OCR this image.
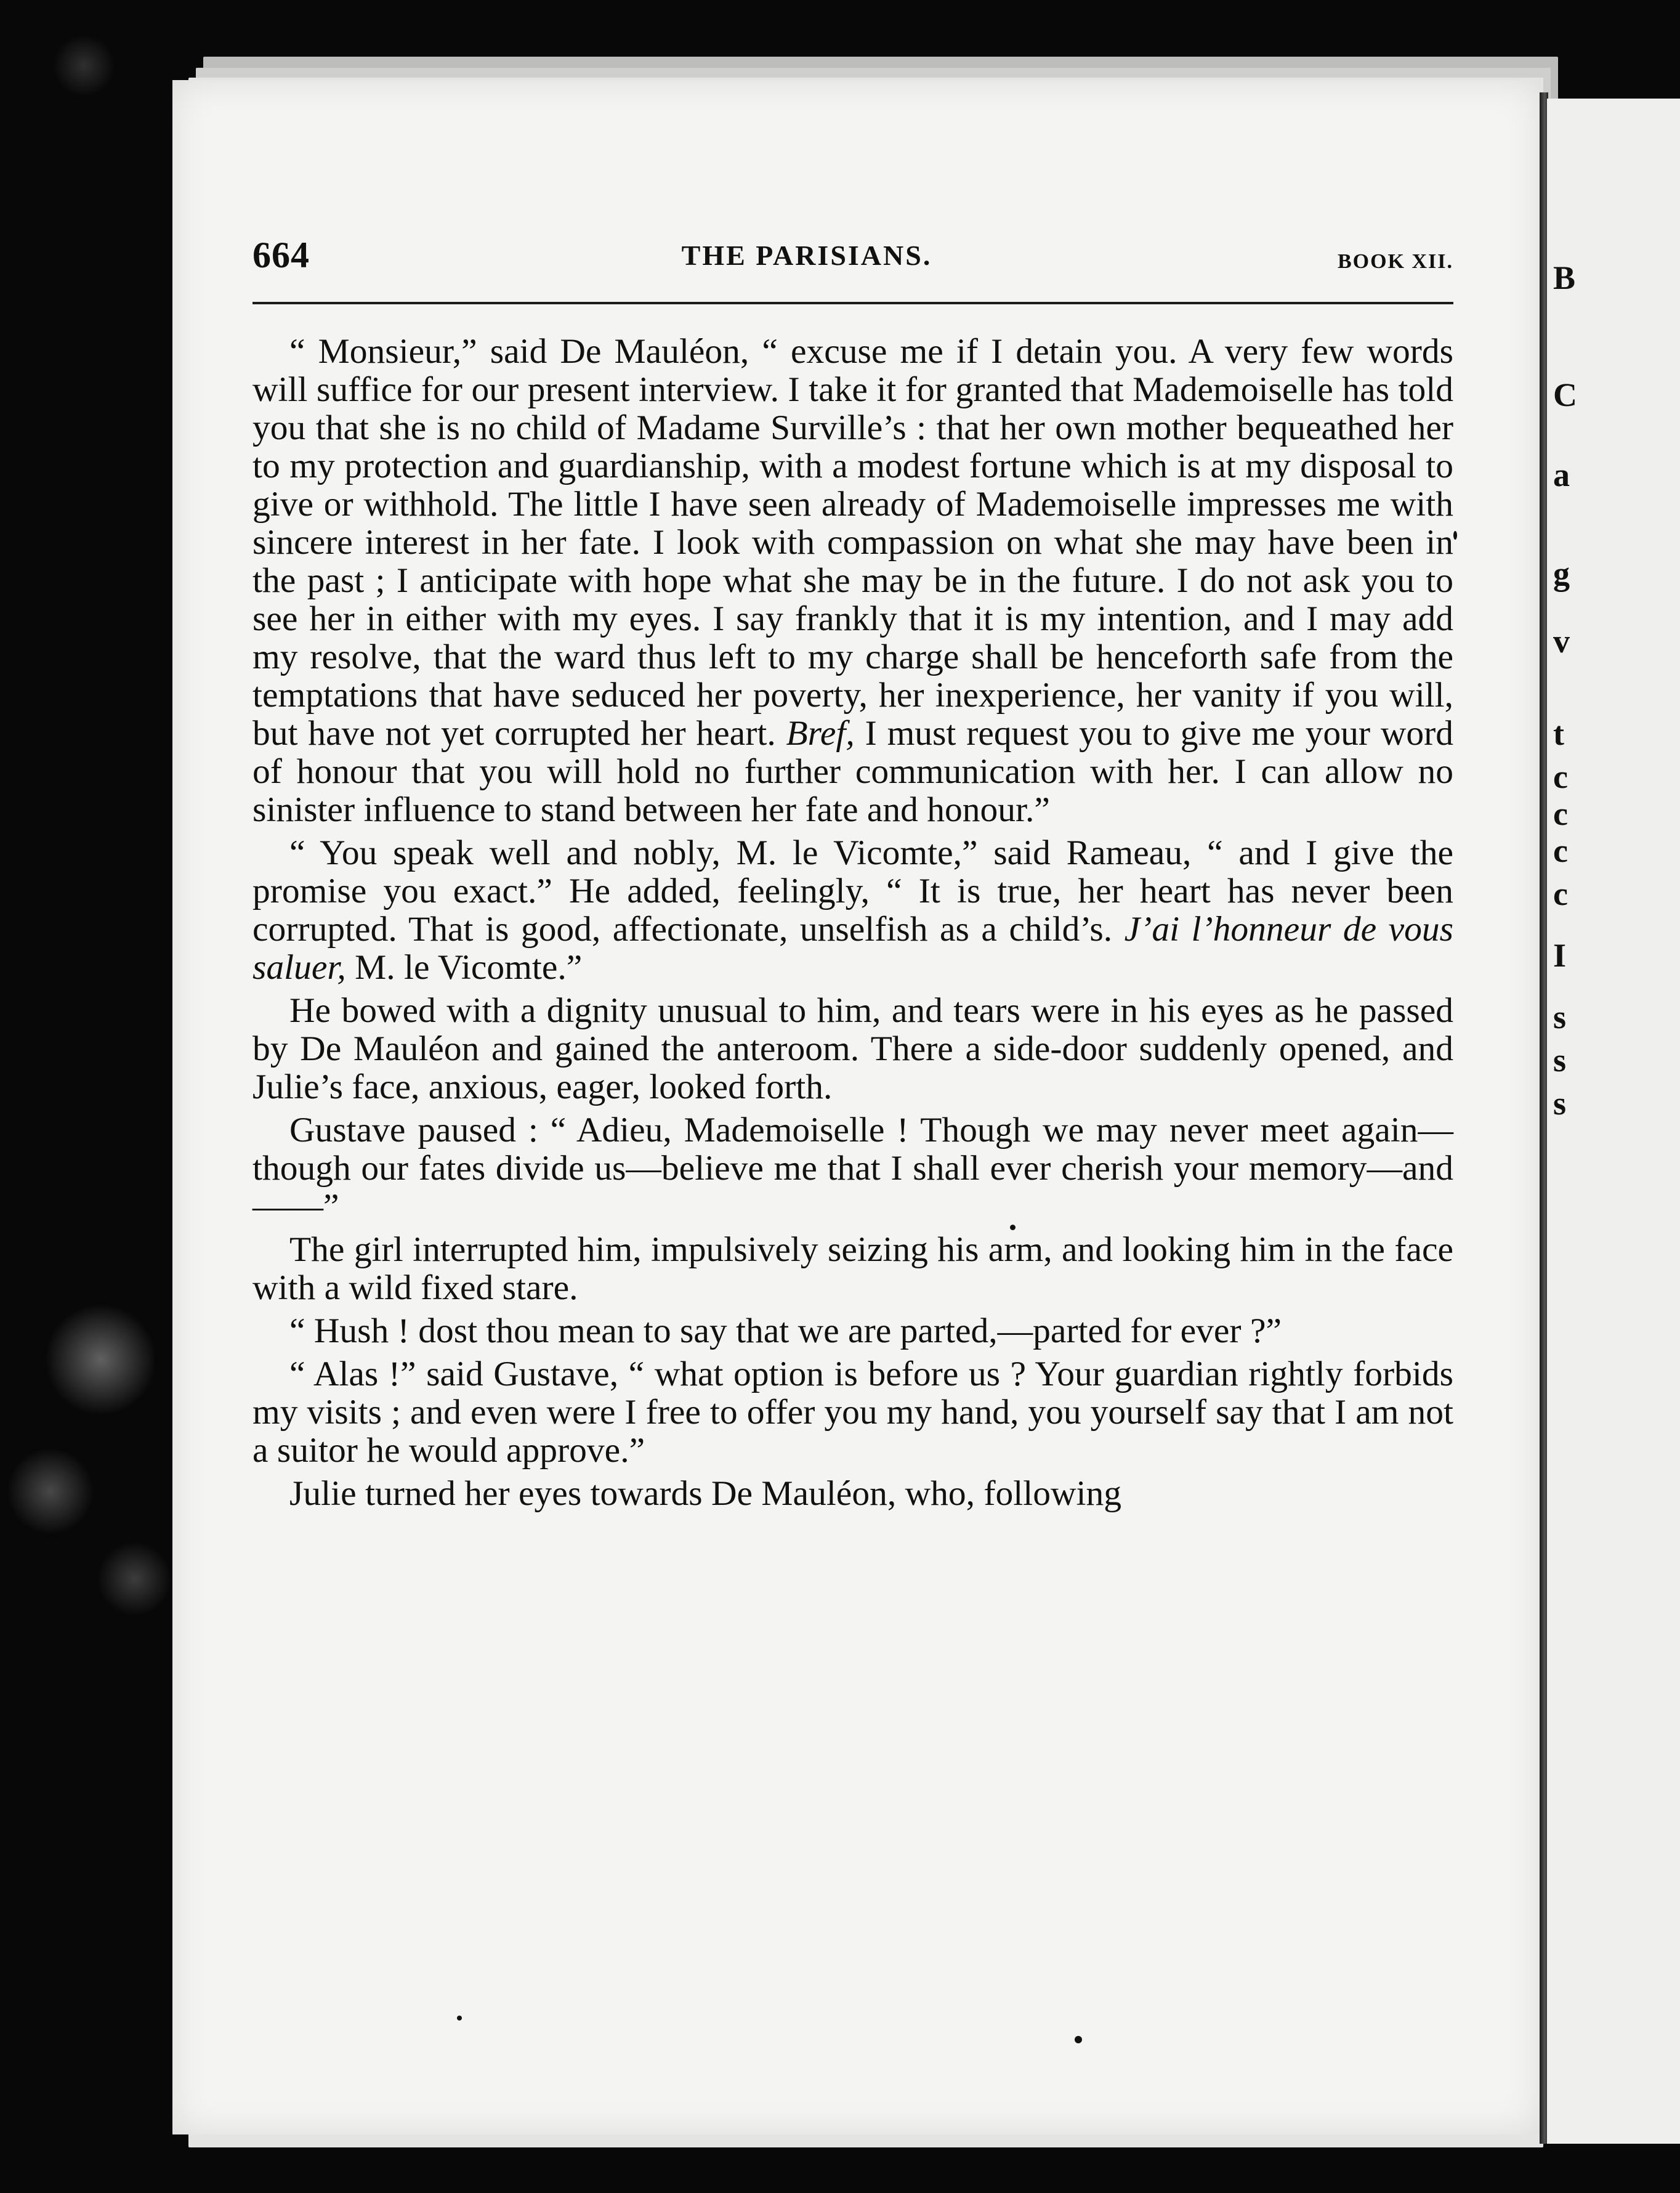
B
C
a
g
v
t
c
c
c
c
I
s
s
s
664	THE PARISIANS.	BOOK XII.

“ Monsieur,” said De Mauléon, “ excuse me if I detain you. A very few words will suffice for our present interview. I take it for granted that Mademoiselle has told you that she is no child of Madame Surville’s : that her own mother bequeathed her to my protection and guardianship, with a modest fortune which is at my disposal to give or withhold. The little I have seen already of Mademoiselle impresses me with sincere interest in her fate. I look with compassion on what she may have been in the past ; I anticipate with hope what she may be in the future. I do not ask you to see her in either with my eyes. I say frankly that it is my intention, and I may add my resolve, that the ward thus left to my charge shall be henceforth safe from the temptations that have seduced her poverty, her inexperience, her vanity if you will, but have not yet corrupted her heart. Bref, I must request you to give me your word of honour that you will hold no further communication with her. I can allow no sinister influence to stand between her fate and honour.”

“ You speak well and nobly, M. le Vicomte,” said Rameau, “ and I give the promise you exact.” He added, feelingly, “ It is true, her heart has never been corrupted. That is good, affectionate, unselfish as a child’s. J’ai l’honneur de vous saluer, M. le Vicomte.”

He bowed with a dignity unusual to him, and tears were in his eyes as he passed by De Mauléon and gained the anteroom. There a side-door suddenly opened, and Julie’s face, anxious, eager, looked forth.

Gustave paused : “ Adieu, Mademoiselle ! Though we may never meet again—though our fates divide us—believe me that I shall ever cherish your memory—and——”

The girl interrupted him, impulsively seizing his arm, and looking him in the face with a wild fixed stare.

“ Hush ! dost thou mean to say that we are parted,—parted for ever ?”

“ Alas !” said Gustave, “ what option is before us ? Your guardian rightly forbids my visits ; and even were I free to offer you my hand, you yourself say that I am not a suitor he would approve.”

Julie turned her eyes towards De Mauléon, who, following
